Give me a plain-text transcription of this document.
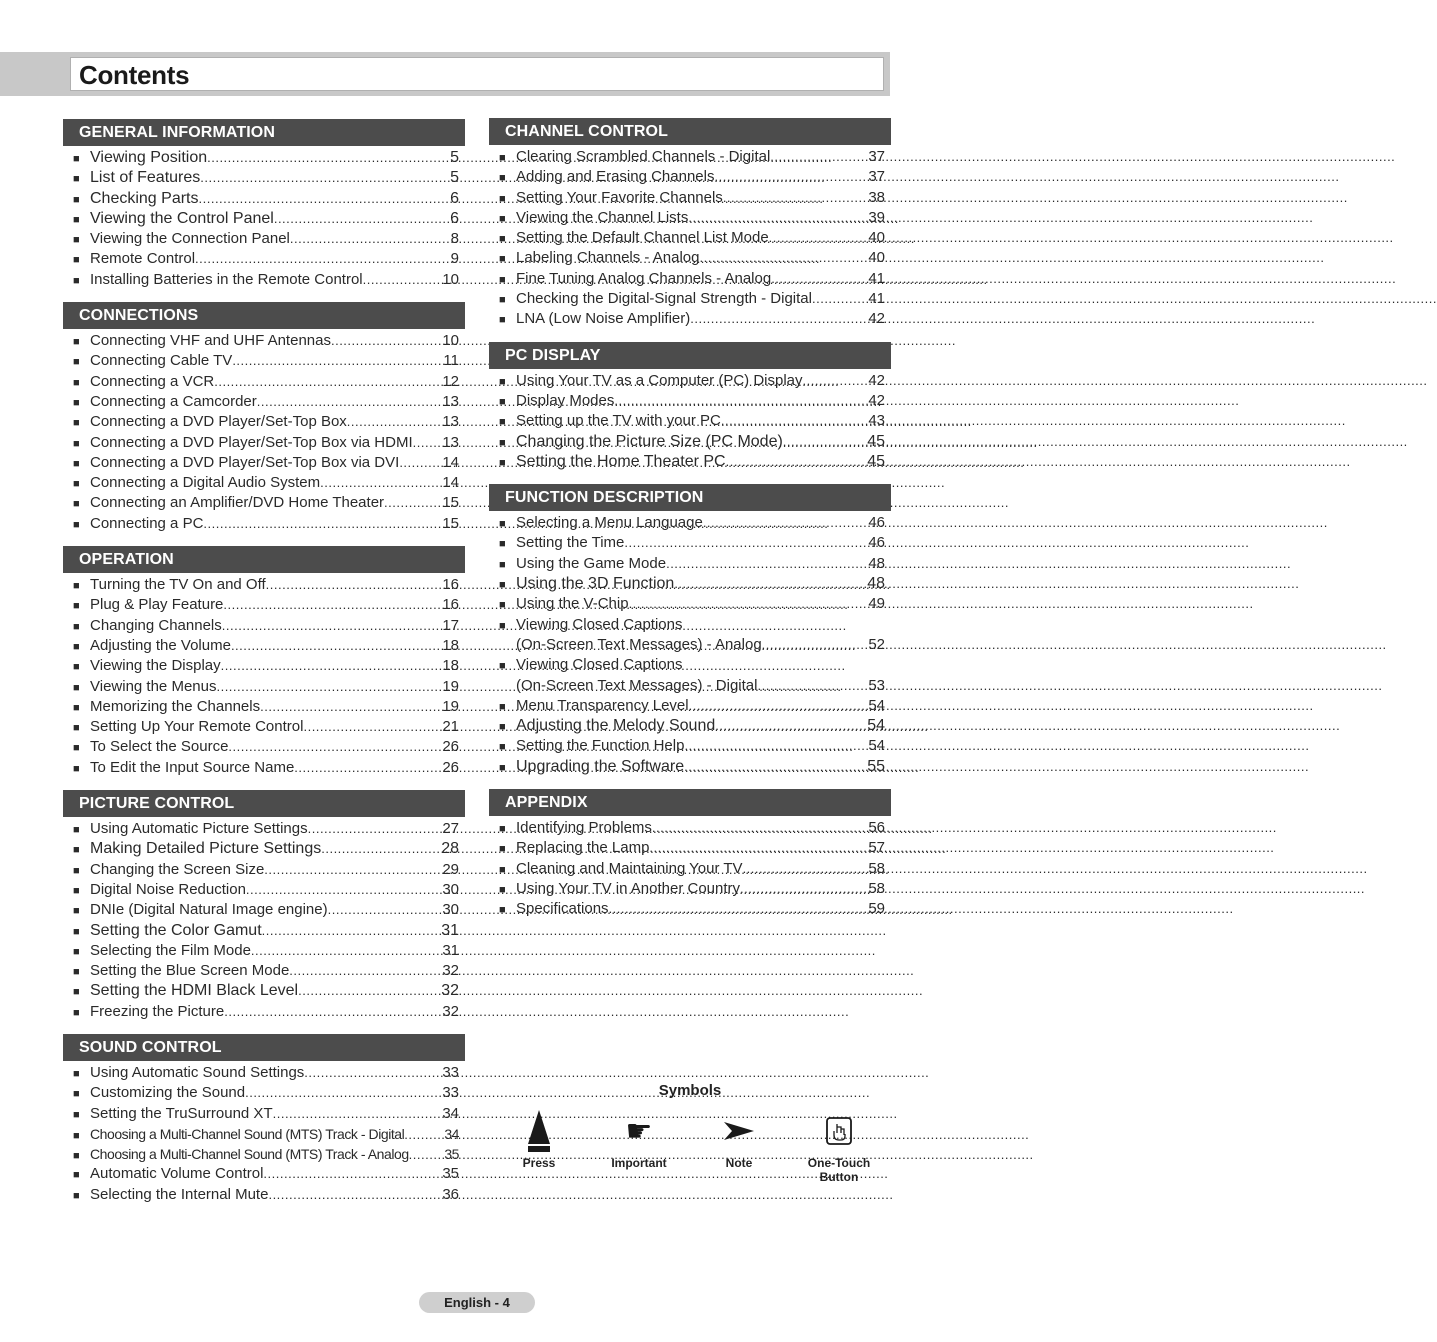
Contents
GENERAL INFORMATION
■ Viewing Position .....	5
■ List of Features .....	5
■ Checking Parts .....	6
■ Viewing the Control Panel .....	6
■ Viewing the Connection Panel .....	8
■ Remote Control .....	9
■ Installing Batteries in the Remote Control .....	10
CONNECTIONS
■ Connecting VHF and UHF Antennas .....	10
■ Connecting Cable TV .....	11
■ Connecting a VCR .....	12
■ Connecting a Camcorder .....	13
■ Connecting a DVD Player/Set-Top Box .....	13
■ Connecting a DVD Player/Set-Top Box via HDMI ..... 13
■ Connecting a DVD Player/Set-Top Box via DVI .....	14
■ Connecting a Digital Audio System .....	14
■ Connecting an Amplifier/DVD Home Theater .....	15
■ Connecting a PC .....	15
OPERATION
■ Turning the TV On and Off .....	16
■ Plug & Play Feature .....	16
■ Changing Channels .....	17
■ Adjusting the Volume .....	18
■ Viewing the Display .....	18
■ Viewing the Menus .....	19
■ Memorizing the Channels .....	19
■ Setting Up Your Remote Control .....	21
■ To Select the Source .....	26
■ To Edit the Input Source Name .....	26
PICTURE CONTROL
■ Using Automatic Picture Settings .....	27
■ Making Detailed Picture Settings .....	28
■ Changing the Screen Size .....	29
■ Digital Noise Reduction .....	30
■ DNIe (Digital Natural Image engine) .....	30
■ Setting the Color Gamut .....	31
■ Selecting the Film Mode .....	31
■ Setting the Blue Screen Mode .....	32
■ Setting the HDMI Black Level .....	32
■ Freezing the Picture .....	32
SOUND CONTROL
■ Using Automatic Sound Settings .....	33
■ Customizing the Sound .....	33
■ Setting the TruSurround XT .....	34
■ Choosing a Multi-Channel Sound (MTS) Track - Digital .....	34
■ Choosing a Multi-Channel Sound (MTS) Track - Analog .....	35
■ Automatic Volume Control .....	35
■ Selecting the Internal Mute .....	36
CHANNEL CONTROL
■ Clearing Scrambled Channels - Digital .....	37
■ Adding and Erasing Channels .....	37
■ Setting Your Favorite Channels .....	38
■ Viewing the Channel Lists .....	39
■ Setting the Default Channel List Mode .....	40
■ Labeling Channels - Analog .....	40
■ Fine Tuning Analog Channels - Analog .....	41
■ Checking the Digital-Signal Strength - Digital .....	41
■ LNA (Low Noise Amplifier) .....	42
PC DISPLAY
■ Using Your TV as a Computer (PC) Display .....	42
■ Display Modes .....	42
■ Setting up the TV with your PC .....	43
■ Changing the Picture Size (PC Mode) .....	45
■ Setting the Home Theater PC .....	45
FUNCTION DESCRIPTION
■ Selecting a Menu Language .....	46
■ Setting the Time .....	46
■ Using the Game Mode .....	48
■ Using the 3D Function .....	48
■ Using the V-Chip .....	49
■ Viewing Closed Captions
(On-Screen Text Messages) - Analog .....	52
■ Viewing Closed Captions
(On-Screen Text Messages) - Digital .....	53
■ Menu Transparency Level .....	54
■ Adjusting the Melody Sound .....	54
■ Setting the Function Help .....	54
■ Upgrading the Software .....	55
APPENDIX
■ Identifying Problems .....	56
■ Replacing the Lamp .....	57
■ Cleaning and Maintaining Your TV .....	58
■ Using Your TV in Another Country .....	58
■ Specifications .....	59
Symbols
Press
☛
Important	Note	One-Touch
Button
English - 4
